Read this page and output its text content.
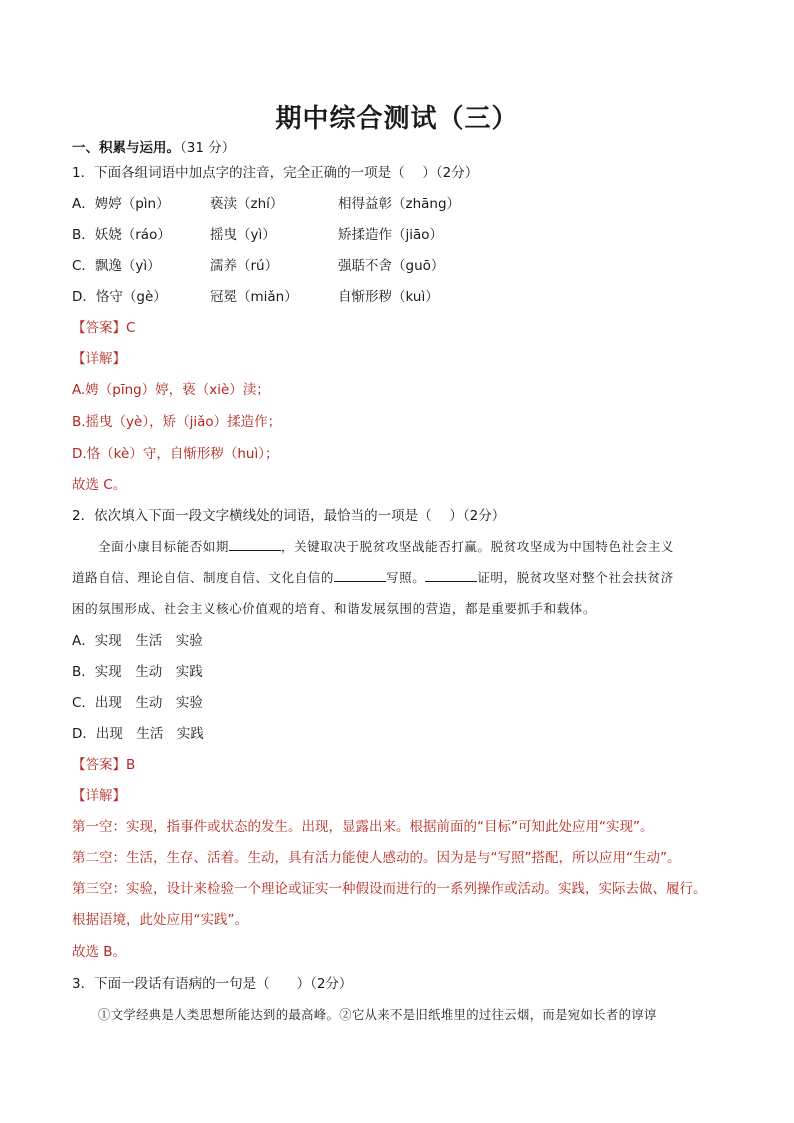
期中综合测试（三）
一、积累与运用。（31 分）
1．下面各组词语中加点字的注音，完全正确的一项是（　 ）（2分）
A．娉婷（pìn）	亵渎（zhí）	相得益彰（zhāng）
B．妖娆（ráo）	摇曳（yì）	矫揉造作（jiāo）
C．飘逸（yì）	濡养（rú）	强聒不舍（guō）
D．恪守（gè）	冠冕（miǎn）	自惭形秽（kuì）
【答案】C
【详解】
A.娉（pīng）婷，亵（xiè）渎；
B.摇曳（yè），矫（jiǎo）揉造作；
D.恪（kè）守，自惭形秽（huì）；
故选 C。
2．依次填入下面一段文字横线处的词语，最恰当的一项是（　 ）（2分）
全面小康目标能否如期	，关键取决于脱贫攻坚战能否打赢。脱贫攻坚成为中国特色社会主义
道路自信、理论自信、制度自信、文化自信的	写照。	证明，脱贫攻坚对整个社会扶贫济
困的氛围形成、社会主义核心价值观的培育、和谐发展氛围的营造，都是重要抓手和载体。
A．实现　生活　实验
B．实现　生动　实践
C．出现　生动　实验
D．出现　生活　实践
【答案】B
【详解】
第一空：实现，指事件或状态的发生。出现，显露出来。根据前面的“目标”可知此处应用“实现”。
第二空：生活，生存、活着。生动，具有活力能使人感动的。因为是与“写照”搭配，所以应用“生动”。
第三空：实验，设计来检验一个理论或证实一种假设而进行的一系列操作或活动。实践，实际去做、履行。
根据语境，此处应用“实践”。
故选 B。
3．下面一段话有语病的一句是（　　）（2分）
①文学经典是人类思想所能达到的最高峰。②它从来不是旧纸堆里的过往云烟，而是宛如长者的谆谆
